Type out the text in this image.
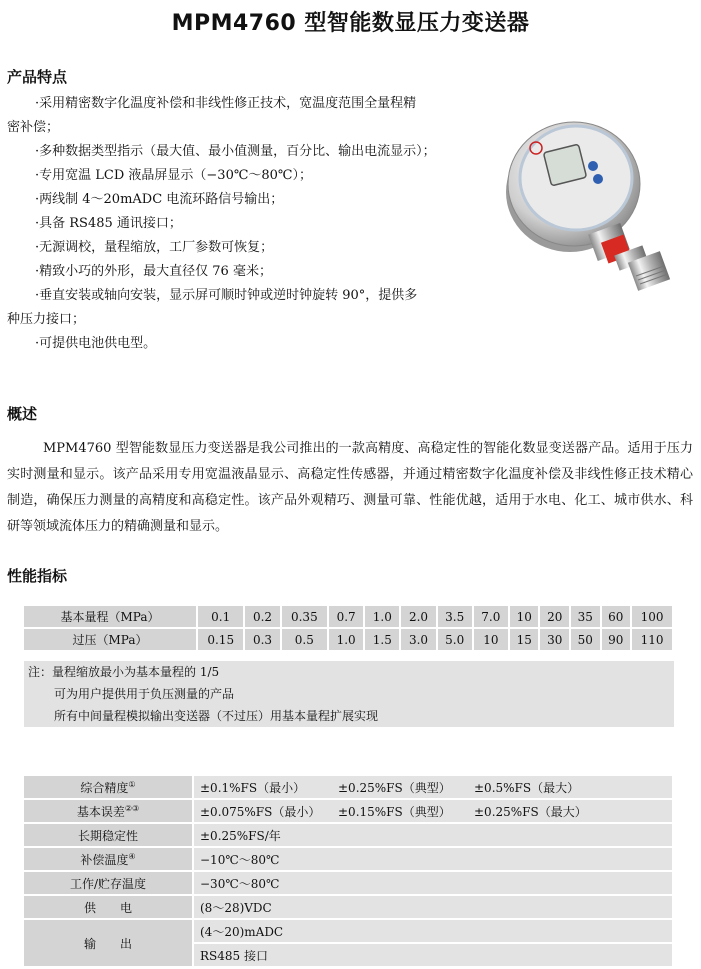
MPM4760 型智能数显压力变送器
产品特点

·采用精密数字化温度补偿和非线性修正技术，宽温度范围全量程精
密补偿；

·多种数据类型指示（最大值、最小值测量，百分比、输出电流显示）；

·专用宽温 LCD 液晶屏显示（−30℃～80℃）；

·两线制 4～20mADC 电流环路信号输出；

·具备 RS485 通讯接口；

·无源调校，量程缩放，工厂参数可恢复；

·精致小巧的外形，最大直径仅 76 毫米；

·垂直安装或轴向安装，显示屏可顺时钟或逆时钟旋转 90°，提供多
种压力接口；

·可提供电池供电型。

概述

MPM4760 型智能数显压力变送器是我公司推出的一款高精度、高稳定性的智能化数显变送器产品。适用于压力实时测量和显示。该产品采用专用宽温液晶显示、高稳定性传感器，并通过精密数字化温度补偿及非线性修正技术精心制造，确保压力测量的高精度和高稳定性。该产品外观精巧、测量可靠、性能优越，适用于水电、化工、城市供水、科研等领域流体压力的精确测量和显示。

性能指标
基本量程（MPa）	0.1	0.2	0.35	0.7	1.0	2.0	3.5	7.0	10	20	35	60	100
过压（MPa）	0.15	0.3	0.5	1.0	1.5	3.0	5.0	10	15	30	50	90	110
注：量程缩放最小为基本量程的 1/5
可为用户提供用于负压测量的产品
所有中间量程模拟输出变送器（不过压）用基本量程扩展实现
综合精度①	±0.1%FS（最小） ±0.25%FS（典型） ±0.5%FS（最大）
基本误差②③	±0.075%FS（最小） ±0.15%FS（典型） ±0.25%FS（最大）
长期稳定性	±0.25%FS/年
补偿温度④	−10℃～80℃
工作/贮存温度	−30℃～80℃
供　　电	(8～28)VDC
输　　出	(4～20)mADC
	RS485 接口
